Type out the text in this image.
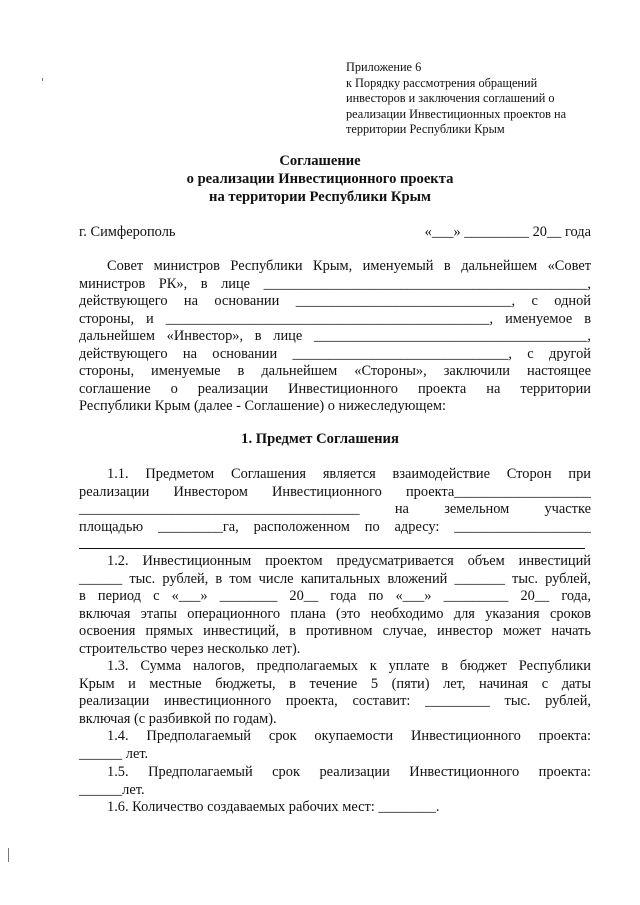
Приложение 6
к Порядку рассмотрения обращений
инвесторов и заключения соглашений о
реализации Инвестиционных проектов на
территории Республики Крым
Соглашение
о реализации Инвестиционного проекта
на территории Республики Крым
г. Симферополь	«___» _________ 20__ года
Совет министров Республики Крым, именуемый в дальнейшем «Совет
министров РК», в лице _____________________________________________,
действующего на основании ______________________________, с одной
стороны, и _____________________________________________, именуемое в
дальнейшем «Инвестор», в лице ______________________________________,
действующего на основании ______________________________, с другой
стороны, именуемые в дальнейшем «Стороны», заключили настоящее
соглашение о реализации Инвестиционного проекта на территории
Республики Крым (далее - Соглашение) о нижеследующем:
1. Предмет Соглашения
1.1. Предметом Соглашения является взаимодействие Сторон при
реализации Инвестором Инвестиционного проекта___________________
_______________________________________ на земельном участке
площадью _________га, расположенном по адресу: ___________________
1.2. Инвестиционным проектом предусматривается объем инвестиций
______ тыс. рублей, в том числе капитальных вложений _______ тыс. рублей,
в период с «___» ________ 20__ года по «___» _________ 20__ года,
включая этапы операционного плана (это необходимо для указания сроков
освоения прямых инвестиций, в противном случае, инвестор может начать
строительство через несколько лет).
1.3. Сумма налогов, предполагаемых к уплате в бюджет Республики
Крым и местные бюджеты, в течение 5 (пяти) лет, начиная с даты
реализации инвестиционного проекта, составит: _________ тыс. рублей,
включая (с разбивкой по годам).
1.4. Предполагаемый срок окупаемости Инвестиционного проекта:
______ лет.
1.5. Предполагаемый срок реализации Инвестиционного проекта:
______лет.
1.6. Количество создаваемых рабочих мест: ________.
